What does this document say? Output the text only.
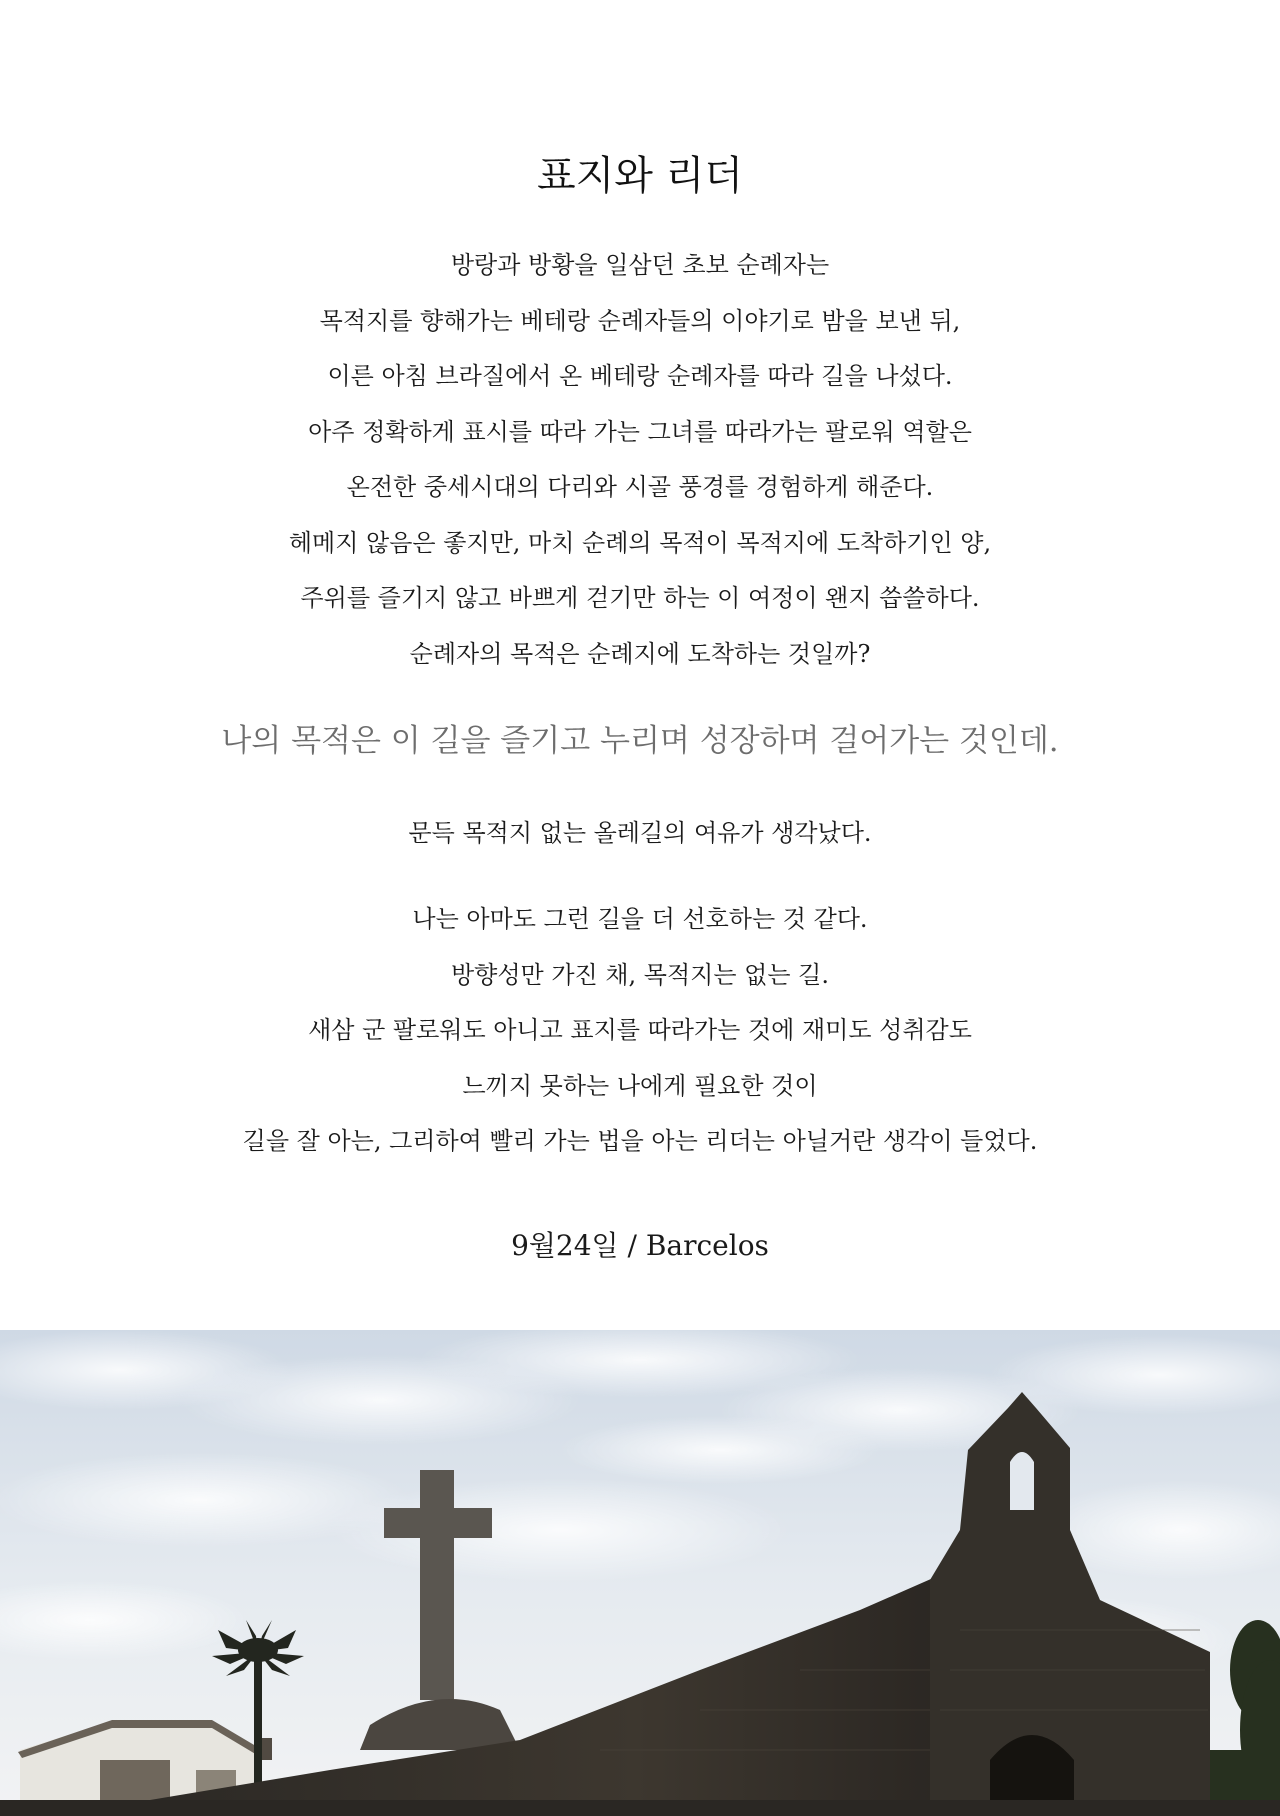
표지와 리더
방랑과 방황을 일삼던 초보 순례자는
목적지를 향해가는 베테랑 순례자들의 이야기로 밤을 보낸 뒤,
이른 아침 브라질에서 온 베테랑 순례자를 따라 길을 나섰다.
아주 정확하게 표시를 따라 가는 그녀를 따라가는 팔로워 역할은
온전한 중세시대의 다리와 시골 풍경를 경험하게 해준다.
헤메지 않음은 좋지만, 마치 순례의 목적이 목적지에 도착하기인 양,
주위를 즐기지 않고 바쁘게 걷기만 하는 이 여정이 왠지 씁쓸하다.
순례자의 목적은 순례지에 도착하는 것일까?
나의 목적은 이 길을 즐기고 누리며 성장하며 걸어가는 것인데.
문득 목적지 없는 올레길의 여유가 생각났다.
나는 아마도 그런 길을 더 선호하는 것 같다.
방향성만 가진 채, 목적지는 없는 길.
새삼 군 팔로워도 아니고 표지를 따라가는 것에 재미도 성취감도
느끼지 못하는 나에게 필요한 것이
길을 잘 아는, 그리하여 빨리 가는 법을 아는 리더는 아닐거란 생각이 들었다.
9월24일 / Barcelos
